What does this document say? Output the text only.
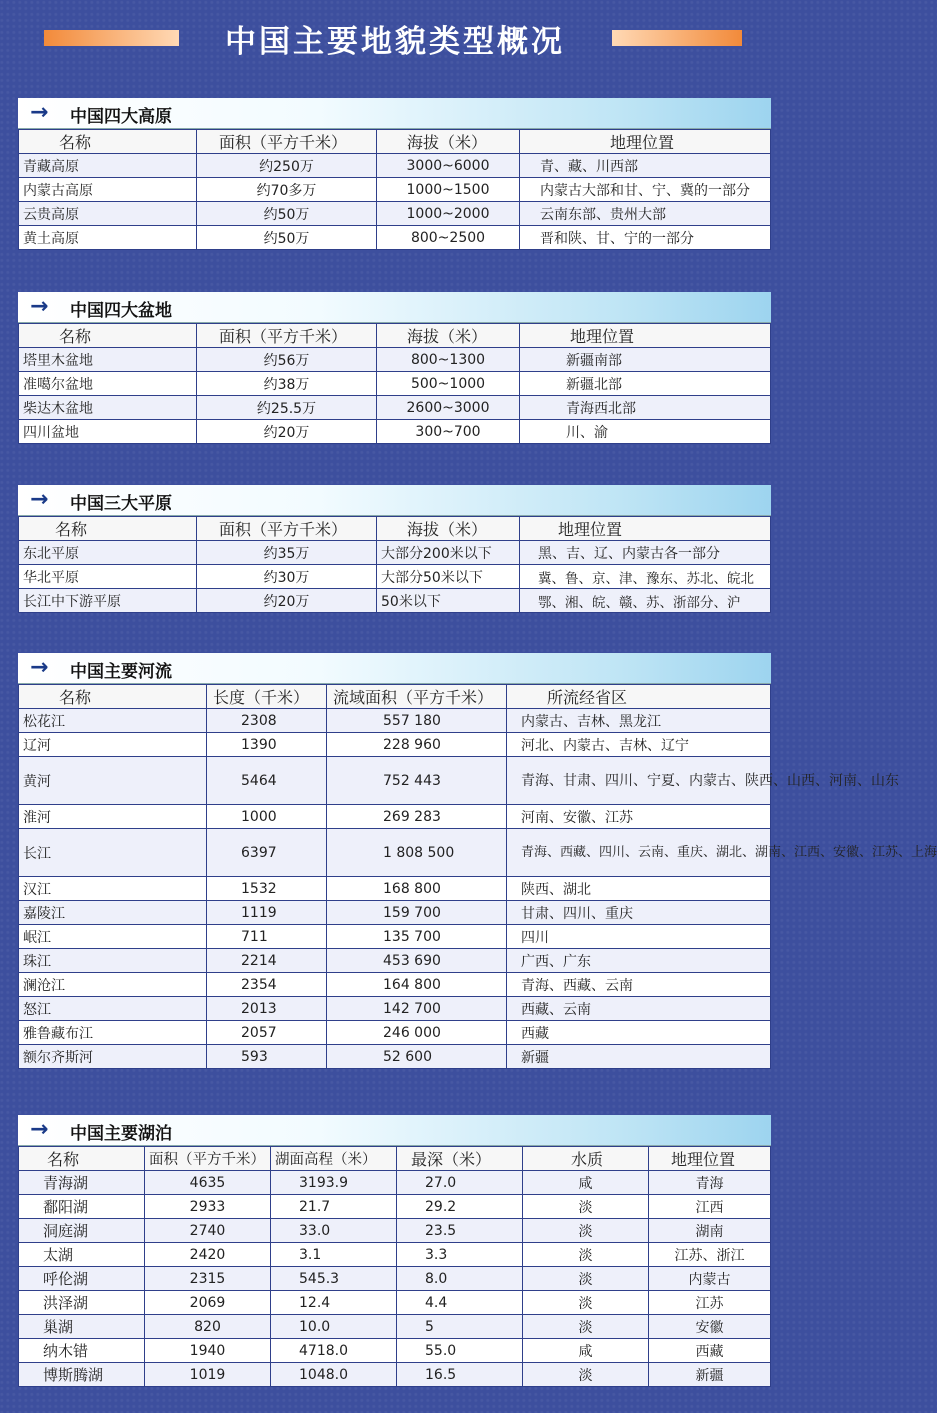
中国主要地貌类型概况
→ 中国四大高原
名称	面积（平方千米）	海拔（米）	地理位置
青藏高原	约250万	3000~6000	青、藏、川西部
内蒙古高原	约70多万	1000~1500	内蒙古大部和甘、宁、冀的一部分
云贵高原	约50万	1000~2000	云南东部、贵州大部
黄土高原	约50万	800~2500	晋和陕、甘、宁的一部分
→ 中国四大盆地
名称	面积（平方千米）	海拔（米）	地理位置
塔里木盆地	约56万	800~1300	新疆南部
准噶尔盆地	约38万	500~1000	新疆北部
柴达木盆地	约25.5万	2600~3000	青海西北部
四川盆地	约20万	300~700	川、渝
→ 中国三大平原
名称	面积（平方千米）	海拔（米）	地理位置
东北平原	约35万	大部分200米以下	黑、吉、辽、内蒙古各一部分
华北平原	约30万	大部分50米以下	冀、鲁、京、津、豫东、苏北、皖北
长江中下游平原	约20万	50米以下	鄂、湘、皖、赣、苏、浙部分、沪
→ 中国主要河流
名称	长度（千米）	流域面积（平方千米）	所流经省区
松花江	2308	557 180	内蒙古、吉林、黑龙江
辽河	1390	228 960	河北、内蒙古、吉林、辽宁
黄河	5464	752 443	青海、甘肃、四川、宁夏、内蒙古、陕西、山西、河南、山东
淮河	1000	269 283	河南、安徽、江苏
长江	6397	1 808 500	青海、西藏、四川、云南、重庆、湖北、湖南、江西、安徽、江苏、上海
汉江	1532	168 800	陕西、湖北
嘉陵江	1119	159 700	甘肃、四川、重庆
岷江	711	135 700	四川
珠江	2214	453 690	广西、广东
澜沧江	2354	164 800	青海、西藏、云南
怒江	2013	142 700	西藏、云南
雅鲁藏布江	2057	246 000	西藏
额尔齐斯河	593	52 600	新疆
→ 中国主要湖泊
名称	面积（平方千米）	湖面高程（米）	最深（米）	水质	地理位置
青海湖	4635	3193.9	27.0	咸	青海
鄱阳湖	2933	21.7	29.2	淡	江西
洞庭湖	2740	33.0	23.5	淡	湖南
太湖	2420	3.1	3.3	淡	江苏、浙江
呼伦湖	2315	545.3	8.0	淡	内蒙古
洪泽湖	2069	12.4	4.4	淡	江苏
巢湖	820	10.0	5	淡	安徽
纳木错	1940	4718.0	55.0	咸	西藏
博斯腾湖	1019	1048.0	16.5	淡	新疆
